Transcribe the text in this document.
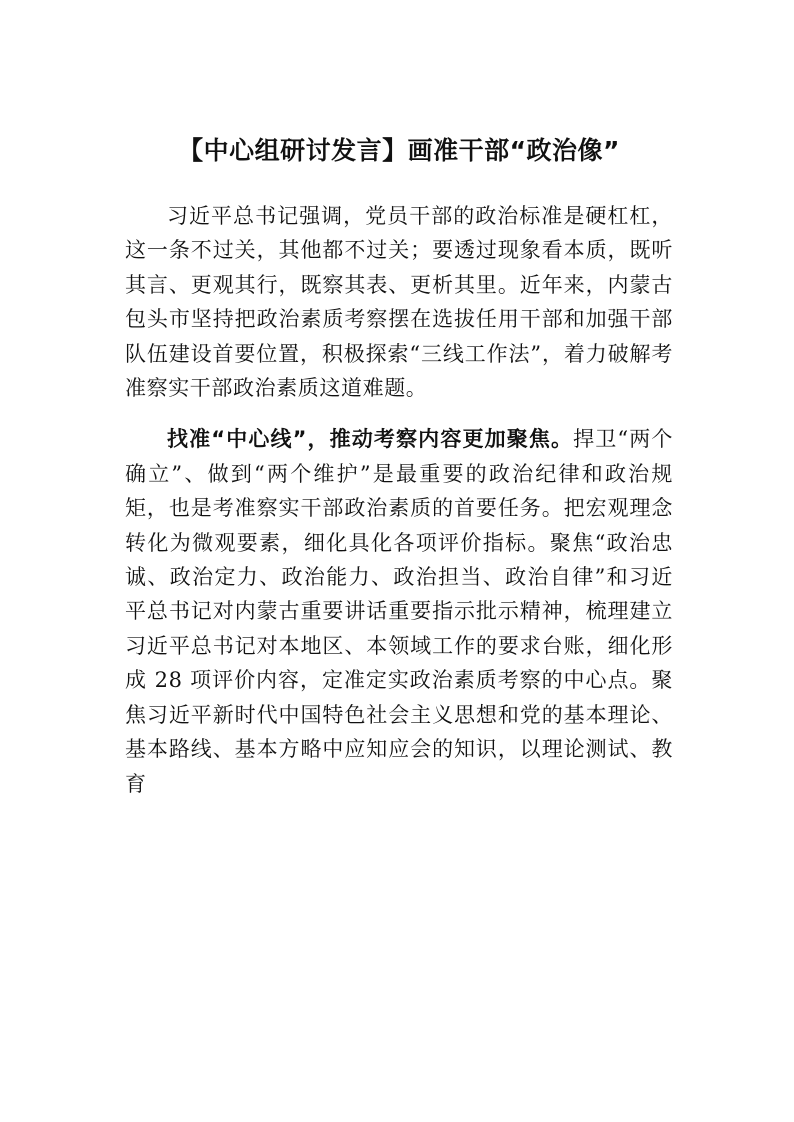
【中心组研讨发言】画准干部“政治像”

习近平总书记强调，党员干部的政治标准是硬杠杠，这一条不过关，其他都不过关；要透过现象看本质，既听其言、更观其行，既察其表、更析其里。近年来，内蒙古包头市坚持把政治素质考察摆在选拔任用干部和加强干部队伍建设首要位置，积极探索“三线工作法”，着力破解考准察实干部政治素质这道难题。

找准“中心线”，推动考察内容更加聚焦。捍卫“两个确立”、做到“两个维护”是最重要的政治纪律和政治规矩，也是考准察实干部政治素质的首要任务。把宏观理念转化为微观要素，细化具化各项评价指标。聚焦“政治忠诚、政治定力、政治能力、政治担当、政治自律”和习近平总书记对内蒙古重要讲话重要指示批示精神，梳理建立习近平总书记对本地区、本领域工作的要求台账，细化形成 28 项评价内容，定准定实政治素质考察的中心点。聚焦习近平新时代中国特色社会主义思想和党的基本理论、基本路线、基本方略中应知应会的知识，以理论测试、教育
